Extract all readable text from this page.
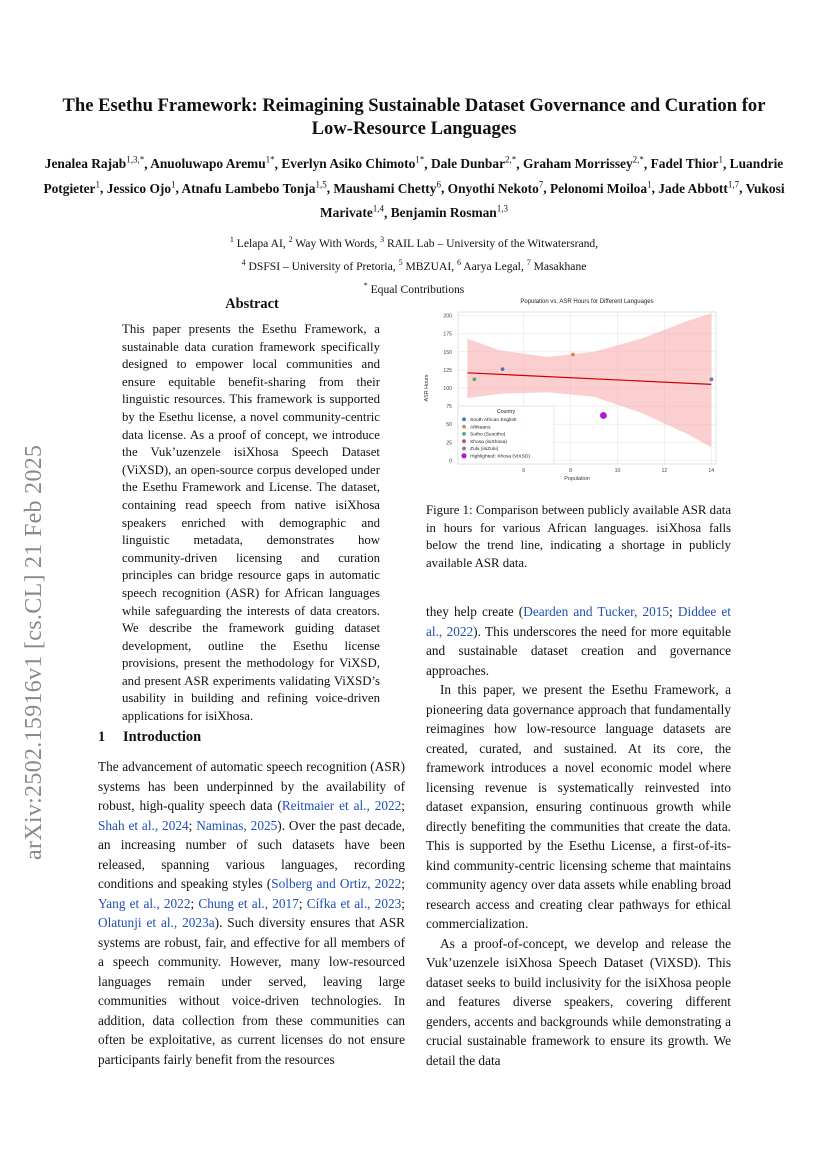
The Esethu Framework: Reimagining Sustainable Dataset Governance and Curation for Low-Resource Languages
Jenalea Rajab$^{1,3,*}$, Anuoluwapo Aremu$^{1*}$, Everlyn Asiko Chimoto$^{1*}$, Dale Dunbar$^{2,*}$, Graham Morrissey$^{2,*}$, Fadel Thior$^1$, Luandrie Potgieter$^1$, Jessico Ojo$^1$, Atnafu Lambebo Tonja$^{1,5}$, Maushami Chetty$^6$, Onyothi Nekoto$^7$, Pelonomi Moiloa$^1$, Jade Abbott$^{1,7}$, Vukosi Marivate$^{1,4}$, Benjamin Rosman$^{1,3}$
$^1$ Lelapa AI, $^2$ Way With Words, $^3$ RAIL Lab – University of the Witwatersrand,
$^4$ DSFSI – University of Pretoria, $^5$ MBZUAI, $^6$ Aarya Legal, $^7$ Masakhane
* Equal Contributions
arXiv:2502.15916v1 [cs.CL] 21 Feb 2025
Abstract
This paper presents the Esethu Framework, a sustainable data curation framework specifically designed to empower local communities and ensure equitable benefit-sharing from their linguistic resources. This framework is supported by the Esethu license, a novel community-centric data license. As a proof of concept, we introduce the Vuk’uzenzele isiXhosa Speech Dataset (ViXSD), an open-source corpus developed under the Esethu Framework and License. The dataset, containing read speech from native isiXhosa speakers enriched with demographic and linguistic metadata, demonstrates how community-driven licensing and curation principles can bridge resource gaps in automatic speech recognition (ASR) for African languages while safeguarding the interests of data creators. We describe the framework guiding dataset development, outline the Esethu license provisions, present the methodology for ViXSD, and present ASR experiments validating ViXSD’s usability in building and refining voice-driven applications for isiXhosa.
1 Introduction
The advancement of automatic speech recognition (ASR) systems has been underpinned by the availability of robust, high-quality speech data (Reitmaier et al., 2022; Shah et al., 2024; Naminas, 2025). Over the past decade, an increasing number of such datasets have been released, spanning various languages, recording conditions and speaking styles (Solberg and Ortiz, 2022; Yang et al., 2022; Chung et al., 2017; Cífka et al., 2023; Olatunji et al., 2023a). Such diversity ensures that ASR systems are robust, fair, and effective for all members of a speech community. However, many low-resourced languages remain under served, leaving large communities without voice-driven technologies. In addition, data collection from these communities can often be exploitative, as current licenses do not ensure participants fairly benefit from the resources
0
25
50
75
100
125
150
175
200
6	8	10	12	14
Population vs. ASR Hours for Different Languages
Population
ASR Hours
Country
South African English
Afrikaans
Sotho (Sesotho)
Xhosa (isiXhosa)
Zulu (isiZulu)
Highlighted: Xhosa (ViXSD)
Figure 1: Comparison between publicly available ASR data in hours for various African languages. isiXhosa falls below the trend line, indicating a shortage in publicly available ASR data.

they help create (Dearden and Tucker, 2015; Diddee et al., 2022). This underscores the need for more equitable and sustainable dataset creation and governance approaches.

In this paper, we present the Esethu Framework, a pioneering data governance approach that fundamentally reimagines how low-resource language datasets are created, curated, and sustained. At its core, the framework introduces a novel economic model where licensing revenue is systematically reinvested into dataset expansion, ensuring continuous growth while directly benefiting the communities that create the data. This is supported by the Esethu License, a first-of-its-kind community-centric licensing scheme that maintains community agency over data assets while enabling broad research access and creating clear pathways for ethical commercialization.

As a proof-of-concept, we develop and release the Vuk’uzenzele isiXhosa Speech Dataset (ViXSD). This dataset seeks to build inclusivity for the isiXhosa people and features diverse speakers, covering different genders, accents and backgrounds while demonstrating a crucial sustainable framework to ensure its growth. We detail the data
